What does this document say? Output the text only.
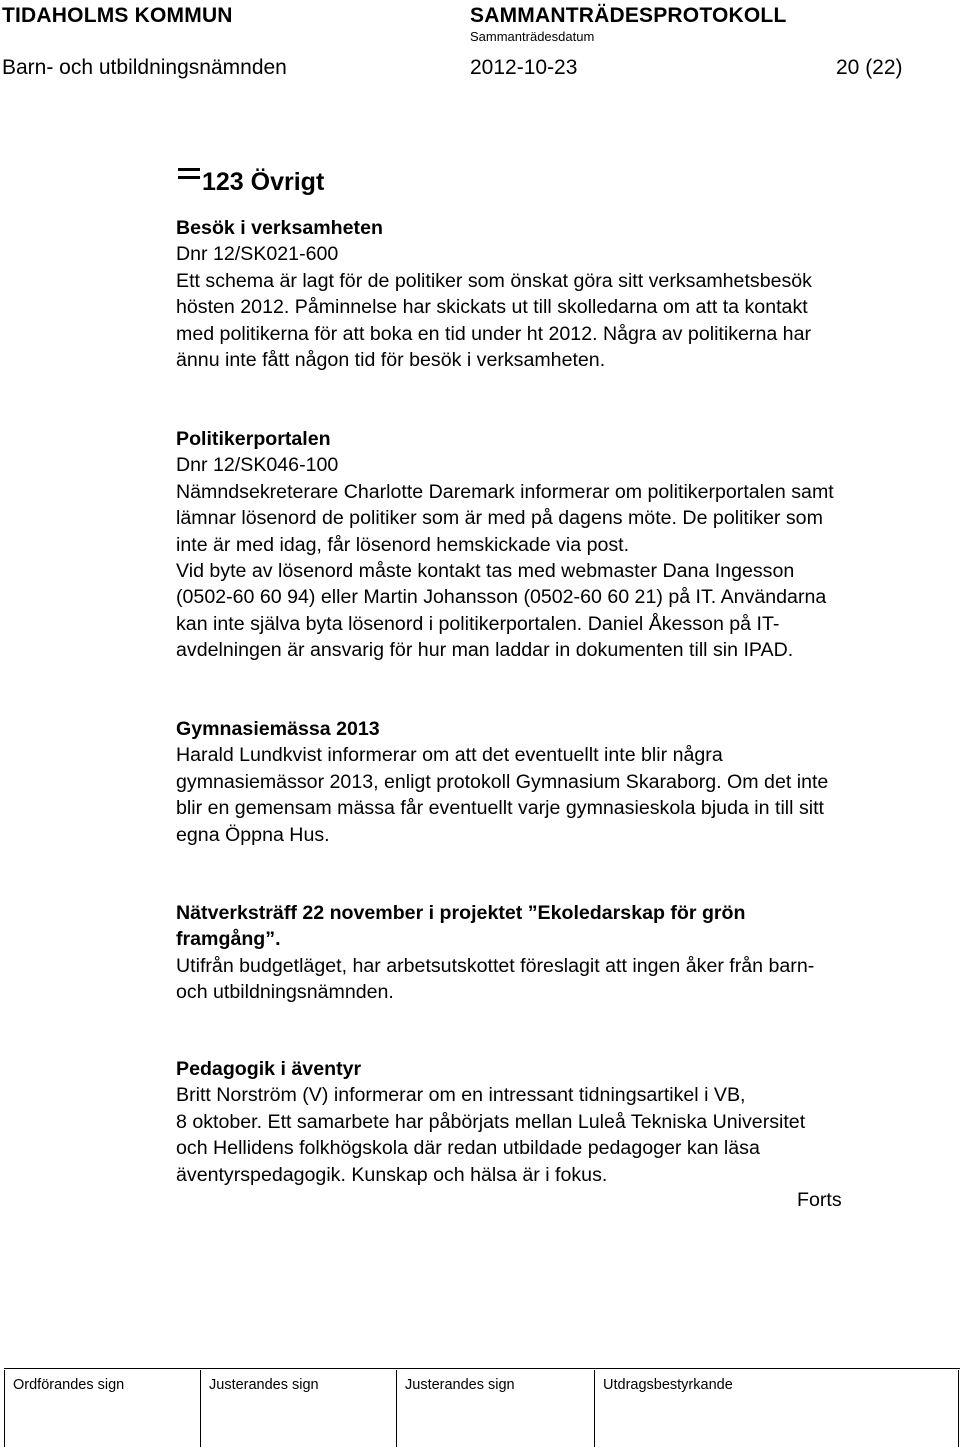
TIDAHOLMS KOMMUN	SAMMANTRÄDESPROTOKOLL
Sammanträdesdatum
Barn- och utbildningsnämnden	2012-10-23	20 (22)
123 Övrigt

Besök i verksamheten

Dnr 12/SK021-600

Ett schema är lagt för de politiker som önskat göra sitt verksamhetsbesök

hösten 2012. Påminnelse har skickats ut till skolledarna om att ta kontakt

med politikerna för att boka en tid under ht 2012. Några av politikerna har

ännu inte fått någon tid för besök i verksamheten.

Politikerportalen

Dnr 12/SK046-100

Nämndsekreterare Charlotte Daremark informerar om politikerportalen samt

lämnar lösenord de politiker som är med på dagens möte. De politiker som

inte är med idag, får lösenord hemskickade via post.

Vid byte av lösenord måste kontakt tas med webmaster Dana Ingesson

(0502-60 60 94) eller Martin Johansson (0502-60 60 21) på IT. Användarna

kan inte själva byta lösenord i politikerportalen. Daniel Åkesson på IT-

avdelningen är ansvarig för hur man laddar in dokumenten till sin IPAD.

Gymnasiemässa 2013

Harald Lundkvist informerar om att det eventuellt inte blir några

gymnasiemässor 2013, enligt protokoll Gymnasium Skaraborg. Om det inte

blir en gemensam mässa får eventuellt varje gymnasieskola bjuda in till sitt

egna Öppna Hus.

Nätverksträff 22 november i projektet ”Ekoledarskap för grön

framgång”.

Utifrån budgetläget, har arbetsutskottet föreslagit att ingen åker från barn-

och utbildningsnämnden.

Pedagogik i äventyr

Britt Norström (V) informerar om en intressant tidningsartikel i VB,

8 oktober. Ett samarbete har påbörjats mellan Luleå Tekniska Universitet

och Hellidens folkhögskola där redan utbildade pedagoger kan läsa

äventyrspedagogik. Kunskap och hälsa är i fokus.

Forts
Ordförandes sign	Justerandes sign	Justerandes sign	Utdragsbestyrkande
